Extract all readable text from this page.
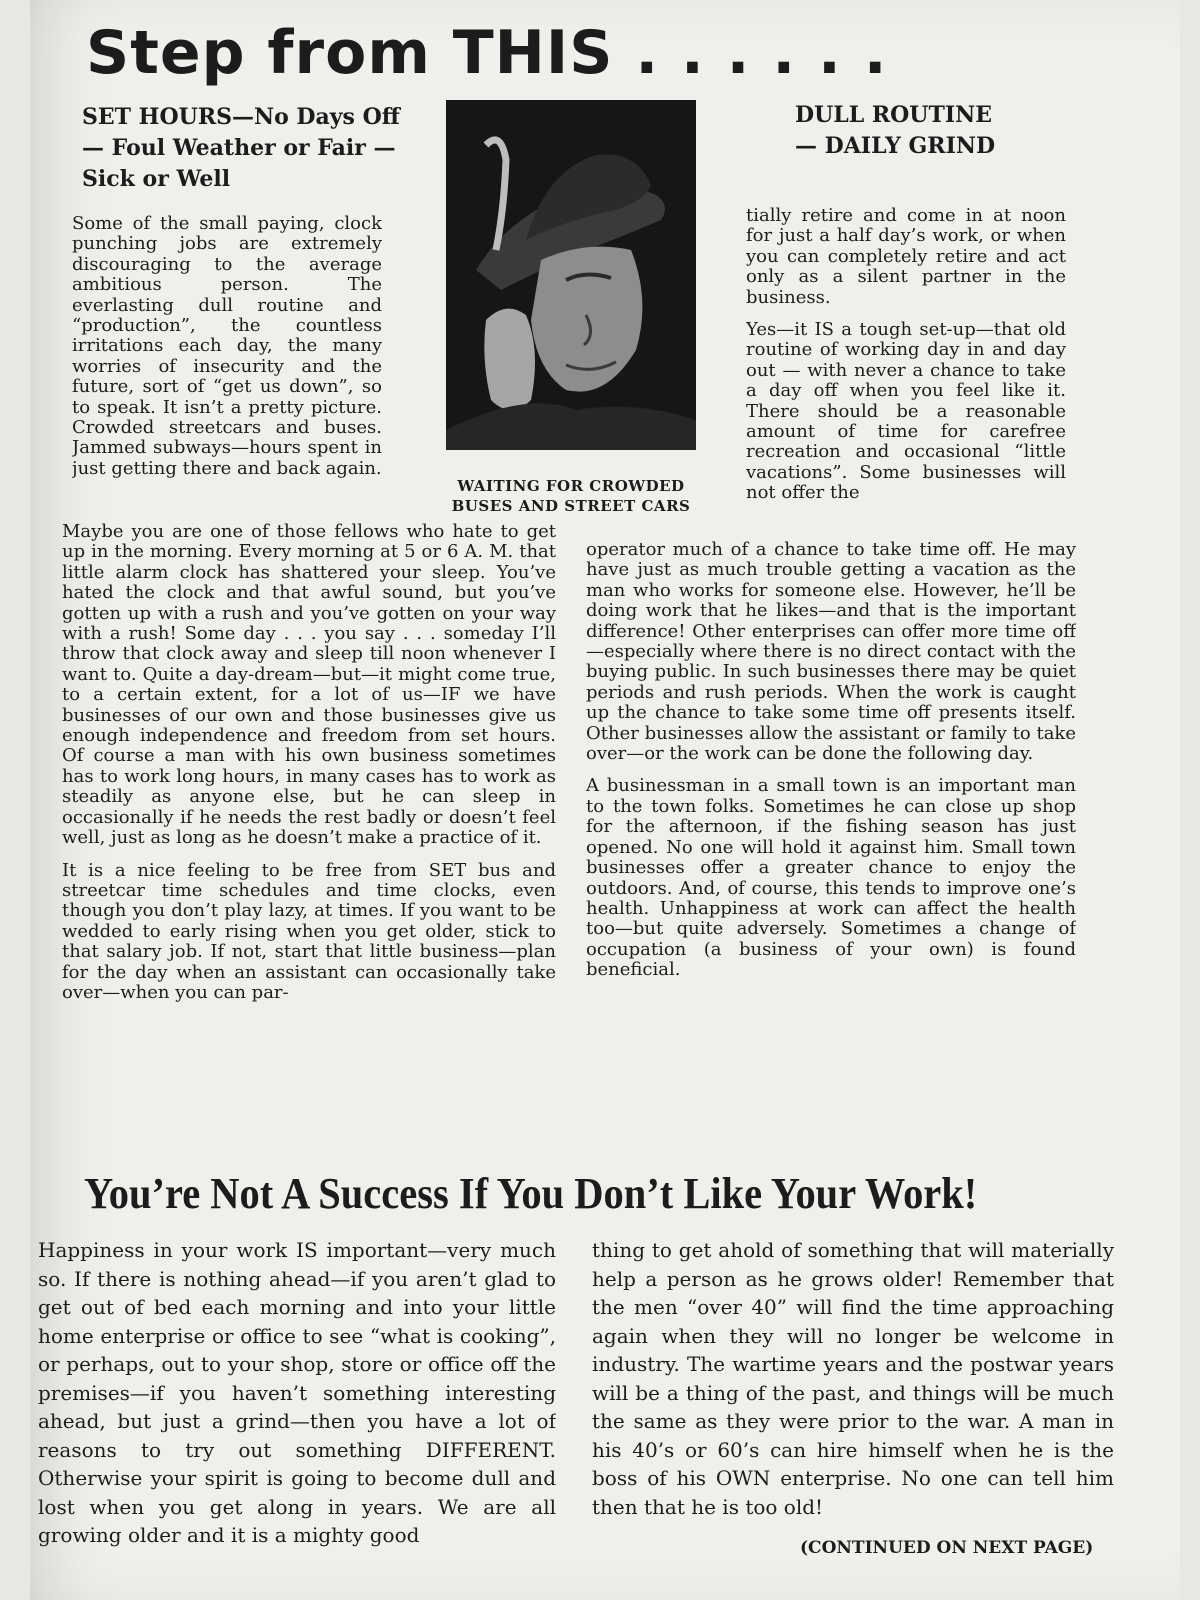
Step from THIS . . . . . .

SET HOURS—No Days Off — Foul Weather or Fair — Sick or Well

DULL ROUTINE — DAILY GRIND

WAITING FOR CROWDED BUSES AND STREET CARS

Some of the small paying, clock punching jobs are extremely discouraging to the average ambitious person. The everlasting dull routine and “production”, the countless irritations each day, the many worries of insecurity and the future, sort of “get us down”, so to speak. It isn’t a pretty picture. Crowded streetcars and buses. Jammed subways—hours spent in just getting there and back again.

tially retire and come in at noon for just a half day’s work, or when you can completely retire and act only as a silent partner in the business.

Yes—it IS a tough set-up—that old routine of working day in and day out — with never a chance to take a day off when you feel like it. There should be a reasonable amount of time for carefree recreation and occasional “little vacations”. Some businesses will not offer the

Maybe you are one of those fellows who hate to get up in the morning. Every morning at 5 or 6 A. M. that little alarm clock has shattered your sleep. You’ve hated the clock and that awful sound, but you’ve gotten up with a rush and you’ve gotten on your way with a rush! Some day . . . you say . . . someday I’ll throw that clock away and sleep till noon whenever I want to. Quite a day-dream—but—it might come true, to a certain extent, for a lot of us—IF we have businesses of our own and those businesses give us enough independence and freedom from set hours. Of course a man with his own business sometimes has to work long hours, in many cases has to work as steadily as anyone else, but he can sleep in occasionally if he needs the rest badly or doesn’t feel well, just as long as he doesn’t make a practice of it.

It is a nice feeling to be free from SET bus and streetcar time schedules and time clocks, even though you don’t play lazy, at times. If you want to be wedded to early rising when you get older, stick to that salary job. If not, start that little business—plan for the day when an assistant can occasionally take over—when you can par-

operator much of a chance to take time off. He may have just as much trouble getting a vacation as the man who works for someone else. However, he’ll be doing work that he likes—and that is the important difference! Other enterprises can offer more time off—especially where there is no direct contact with the buying public. In such businesses there may be quiet periods and rush periods. When the work is caught up the chance to take some time off presents itself. Other businesses allow the assistant or family to take over—or the work can be done the following day.

A businessman in a small town is an important man to the town folks. Sometimes he can close up shop for the afternoon, if the fishing season has just opened. No one will hold it against him. Small town businesses offer a greater chance to enjoy the outdoors. And, of course, this tends to improve one’s health. Unhappiness at work can affect the health too—but quite adversely. Sometimes a change of occupation (a business of your own) is found beneficial.

You’re Not A Success If You Don’t Like Your Work!

Happiness in your work IS important—very much so. If there is nothing ahead—if you aren’t glad to get out of bed each morning and into your little home enterprise or office to see “what is cooking”, or perhaps, out to your shop, store or office off the premises—if you haven’t something interesting ahead, but just a grind—then you have a lot of reasons to try out something DIFFERENT. Otherwise your spirit is going to become dull and lost when you get along in years. We are all growing older and it is a mighty good

thing to get ahold of something that will materially help a person as he grows older! Remember that the men “over 40” will find the time approaching again when they will no longer be welcome in industry. The wartime years and the postwar years will be a thing of the past, and things will be much the same as they were prior to the war. A man in his 40’s or 60’s can hire himself when he is the boss of his OWN enterprise. No one can tell him then that he is too old!

(CONTINUED ON NEXT PAGE)
